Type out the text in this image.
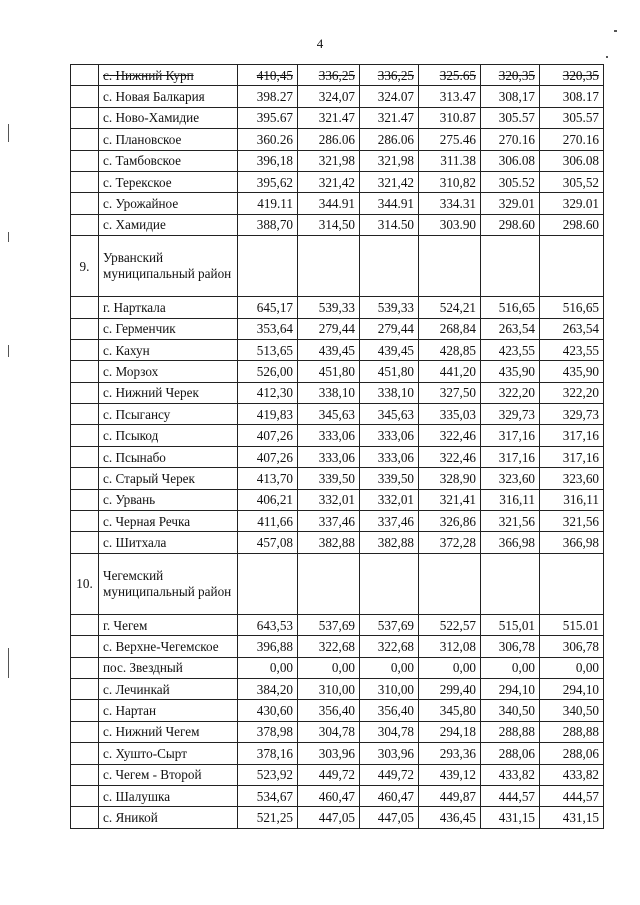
4
	с. Нижний Курп	410,45	336,25	336,25	325.65	320,35	320,35
	с. Новая Балкария	398.27	324,07	324.07	313.47	308,17	308.17
	с. Ново-Хамидие	395.67	321.47	321.47	310.87	305.57	305.57
	с. Плановское	360.26	286.06	286.06	275.46	270.16	270.16
	с. Тамбовское	396,18	321,98	321,98	311.38	306.08	306.08
	с. Терекское	395,62	321,42	321,42	310,82	305.52	305,52
	с. Урожайное	419.11	344.91	344.91	334.31	329.01	329.01
	с. Хамидие	388,70	314,50	314.50	303.90	298.60	298.60
9.	Урванский муниципальный район						
	г. Нарткала	645,17	539,33	539,33	524,21	516,65	516,65
	с. Герменчик	353,64	279,44	279,44	268,84	263,54	263,54
	с. Кахун	513,65	439,45	439,45	428,85	423,55	423,55
	с. Морзох	526,00	451,80	451,80	441,20	435,90	435,90
	с. Нижний Черек	412,30	338,10	338,10	327,50	322,20	322,20
	с. Псыгансу	419,83	345,63	345,63	335,03	329,73	329,73
	с. Псыкод	407,26	333,06	333,06	322,46	317,16	317,16
	с. Псынабо	407,26	333,06	333,06	322,46	317,16	317,16
	с. Старый Черек	413,70	339,50	339,50	328,90	323,60	323,60
	с. Урвань	406,21	332,01	332,01	321,41	316,11	316,11
	с. Черная Речка	411,66	337,46	337,46	326,86	321,56	321,56
	с. Шитхала	457,08	382,88	382,88	372,28	366,98	366,98
10.	Чегемский муниципальный район						
	г. Чегем	643,53	537,69	537,69	522,57	515,01	515.01
	с. Верхне-Чегемское	396,88	322,68	322,68	312,08	306,78	306,78
	пос. Звездный	0,00	0,00	0,00	0,00	0,00	0,00
	с. Лечинкай	384,20	310,00	310,00	299,40	294,10	294,10
	с. Нартан	430,60	356,40	356,40	345,80	340,50	340,50
	с. Нижний Чегем	378,98	304,78	304,78	294,18	288,88	288,88
	с. Хушто-Сырт	378,16	303,96	303,96	293,36	288,06	288,06
	с. Чегем - Второй	523,92	449,72	449,72	439,12	433,82	433,82
	с. Шалушка	534,67	460,47	460,47	449,87	444,57	444,57
	с. Яникой	521,25	447,05	447,05	436,45	431,15	431,15
